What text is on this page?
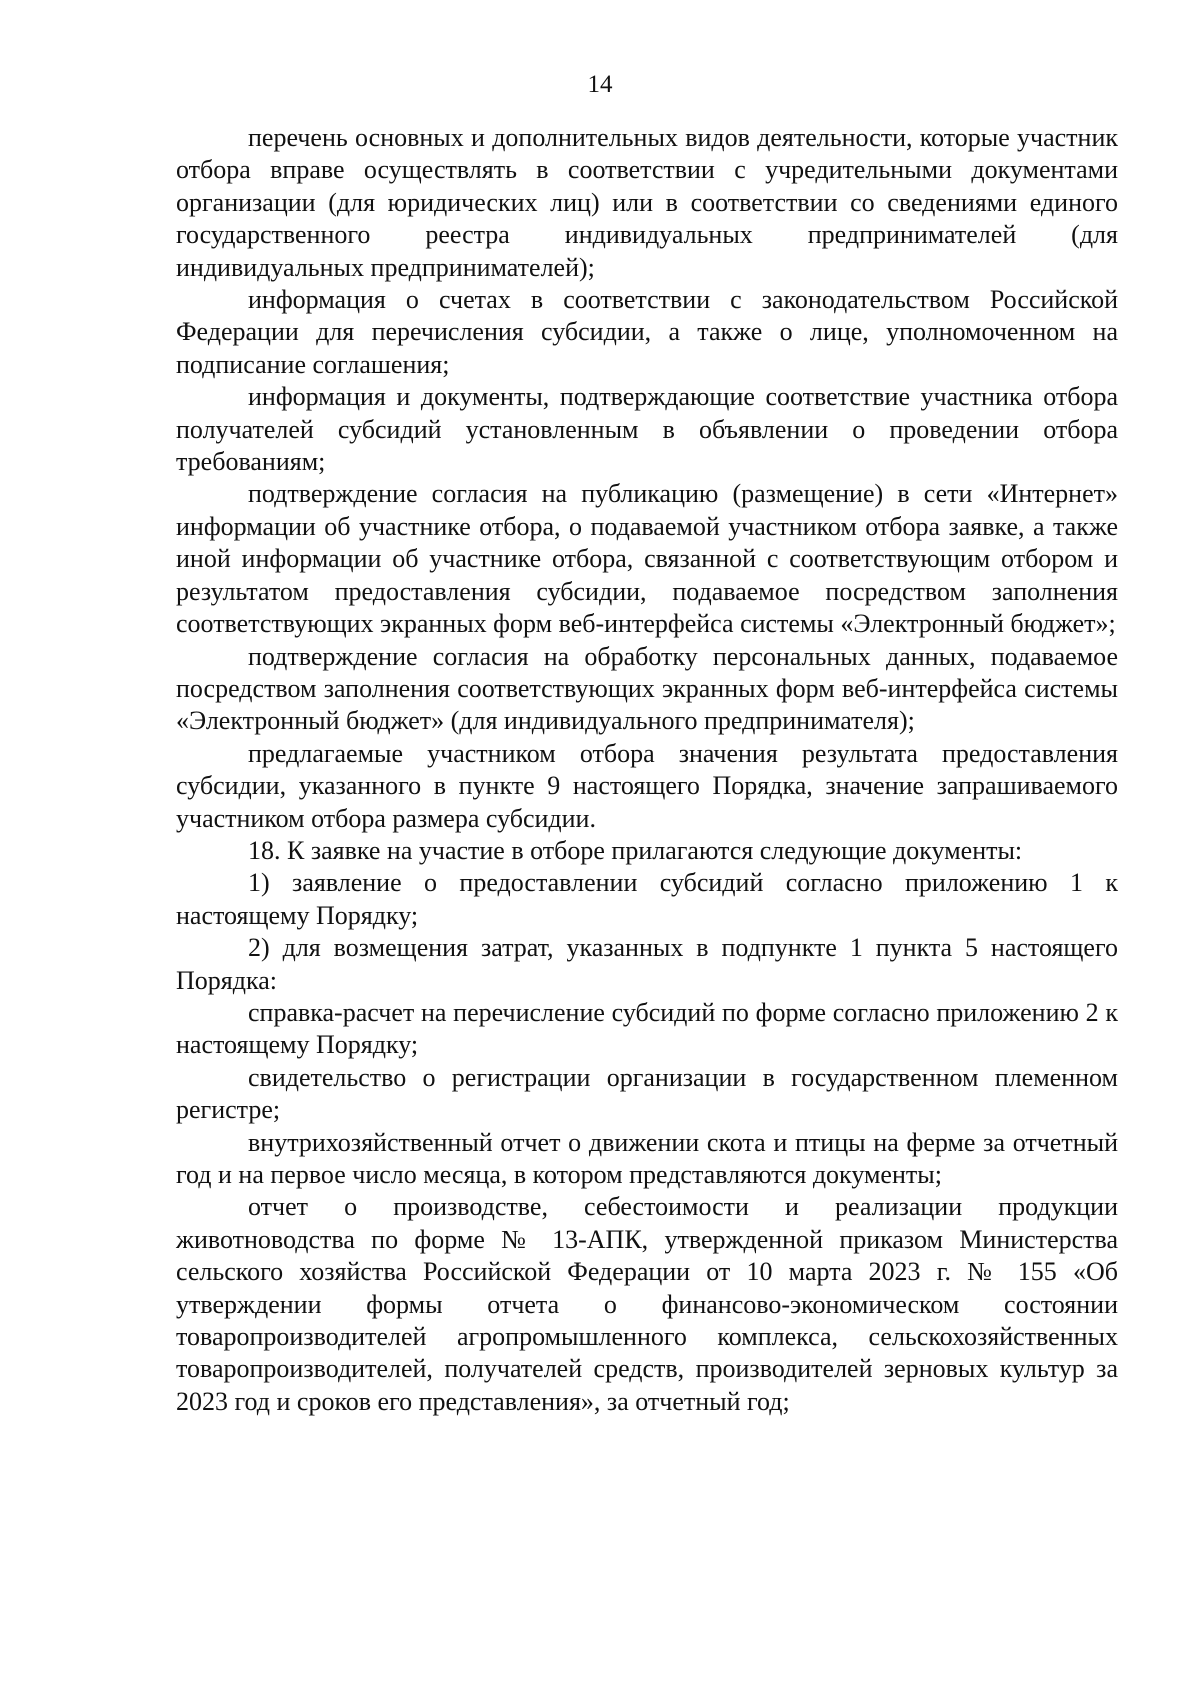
14

перечень основных и дополнительных видов деятельности, которые участник отбора вправе осуществлять в соответствии с учредительными документами организации (для юридических лиц) или в соответствии со сведениями единого государственного реестра индивидуальных предпринимателей (для индивидуальных предпринимателей);

информация о счетах в соответствии с законодательством Российской Федерации для перечисления субсидии, а также о лице, уполномоченном на подписание соглашения;

информация и документы, подтверждающие соответствие участника отбора получателей субсидий установленным в объявлении о проведении отбора требованиям;

подтверждение согласия на публикацию (размещение) в сети «Интернет» информации об участнике отбора, о подаваемой участником отбора заявке, а также иной информации об участнике отбора, связанной с соответствующим отбором и результатом предоставления субсидии, подаваемое посредством заполнения соответствующих экранных форм веб-интерфейса системы «Электронный бюджет»;

подтверждение согласия на обработку персональных данных, подаваемое посредством заполнения соответствующих экранных форм веб-интерфейса системы «Электронный бюджет» (для индивидуального предпринимателя);

предлагаемые участником отбора значения результата предоставления субсидии, указанного в пункте 9 настоящего Порядка, значение запрашиваемого участником отбора размера субсидии.

18. К заявке на участие в отборе прилагаются следующие документы:

1) заявление о предоставлении субсидий согласно приложению 1 к настоящему Порядку;

2) для возмещения затрат, указанных в подпункте 1 пункта 5 настоящего Порядка:

справка-расчет на перечисление субсидий по форме согласно приложению 2 к настоящему Порядку;

свидетельство о регистрации организации в государственном племенном регистре;

внутрихозяйственный отчет о движении скота и птицы на ферме за отчетный год и на первое число месяца, в котором представляются документы;

отчет о производстве, себестоимости и реализации продукции животноводства по форме № 13-АПК, утвержденной приказом Министерства сельского хозяйства Российской Федерации от 10 марта 2023 г. № 155 «Об утверждении формы отчета о финансово-экономическом состоянии товаропроизводителей агропромышленного комплекса, сельскохозяйственных товаропроизводителей, получателей средств, производителей зерновых культур за 2023 год и сроков его представления», за отчетный год;
